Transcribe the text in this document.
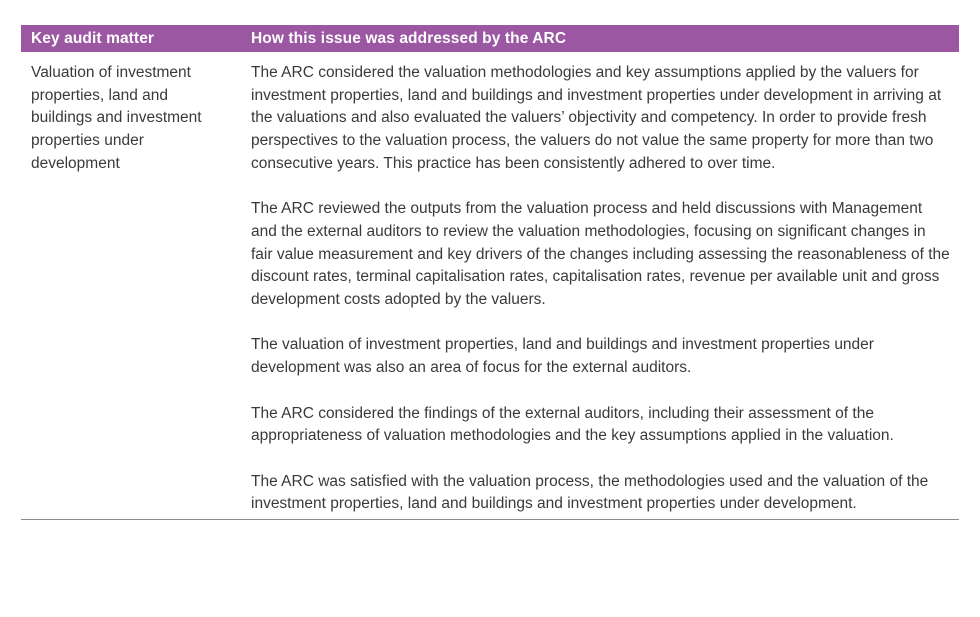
Key audit matter	How this issue was addressed by the ARC
Valuation of investment properties, land and buildings and investment properties under development	The ARC considered the valuation methodologies and key assumptions applied by the valuers for investment properties, land and buildings and investment properties under development in arriving at the valuations and also evaluated the valuers’ objectivity and competency. In order to provide fresh perspectives to the valuation process, the valuers do not value the same property for more than two consecutive years. This practice has been consistently adhered to over time.

The ARC reviewed the outputs from the valuation process and held discussions with Management and the external auditors to review the valuation methodologies, focusing on significant changes in fair value measurement and key drivers of the changes including assessing the reasonableness of the discount rates, terminal capitalisation rates, capitalisation rates, revenue per available unit and gross development costs adopted by the valuers.

The valuation of investment properties, land and buildings and investment properties under development was also an area of focus for the external auditors.

The ARC considered the findings of the external auditors, including their assessment of the appropriateness of valuation methodologies and the key assumptions applied in the valuation.

The ARC was satisfied with the valuation process, the methodologies used and the valuation of the investment properties, land and buildings and investment properties under development.
